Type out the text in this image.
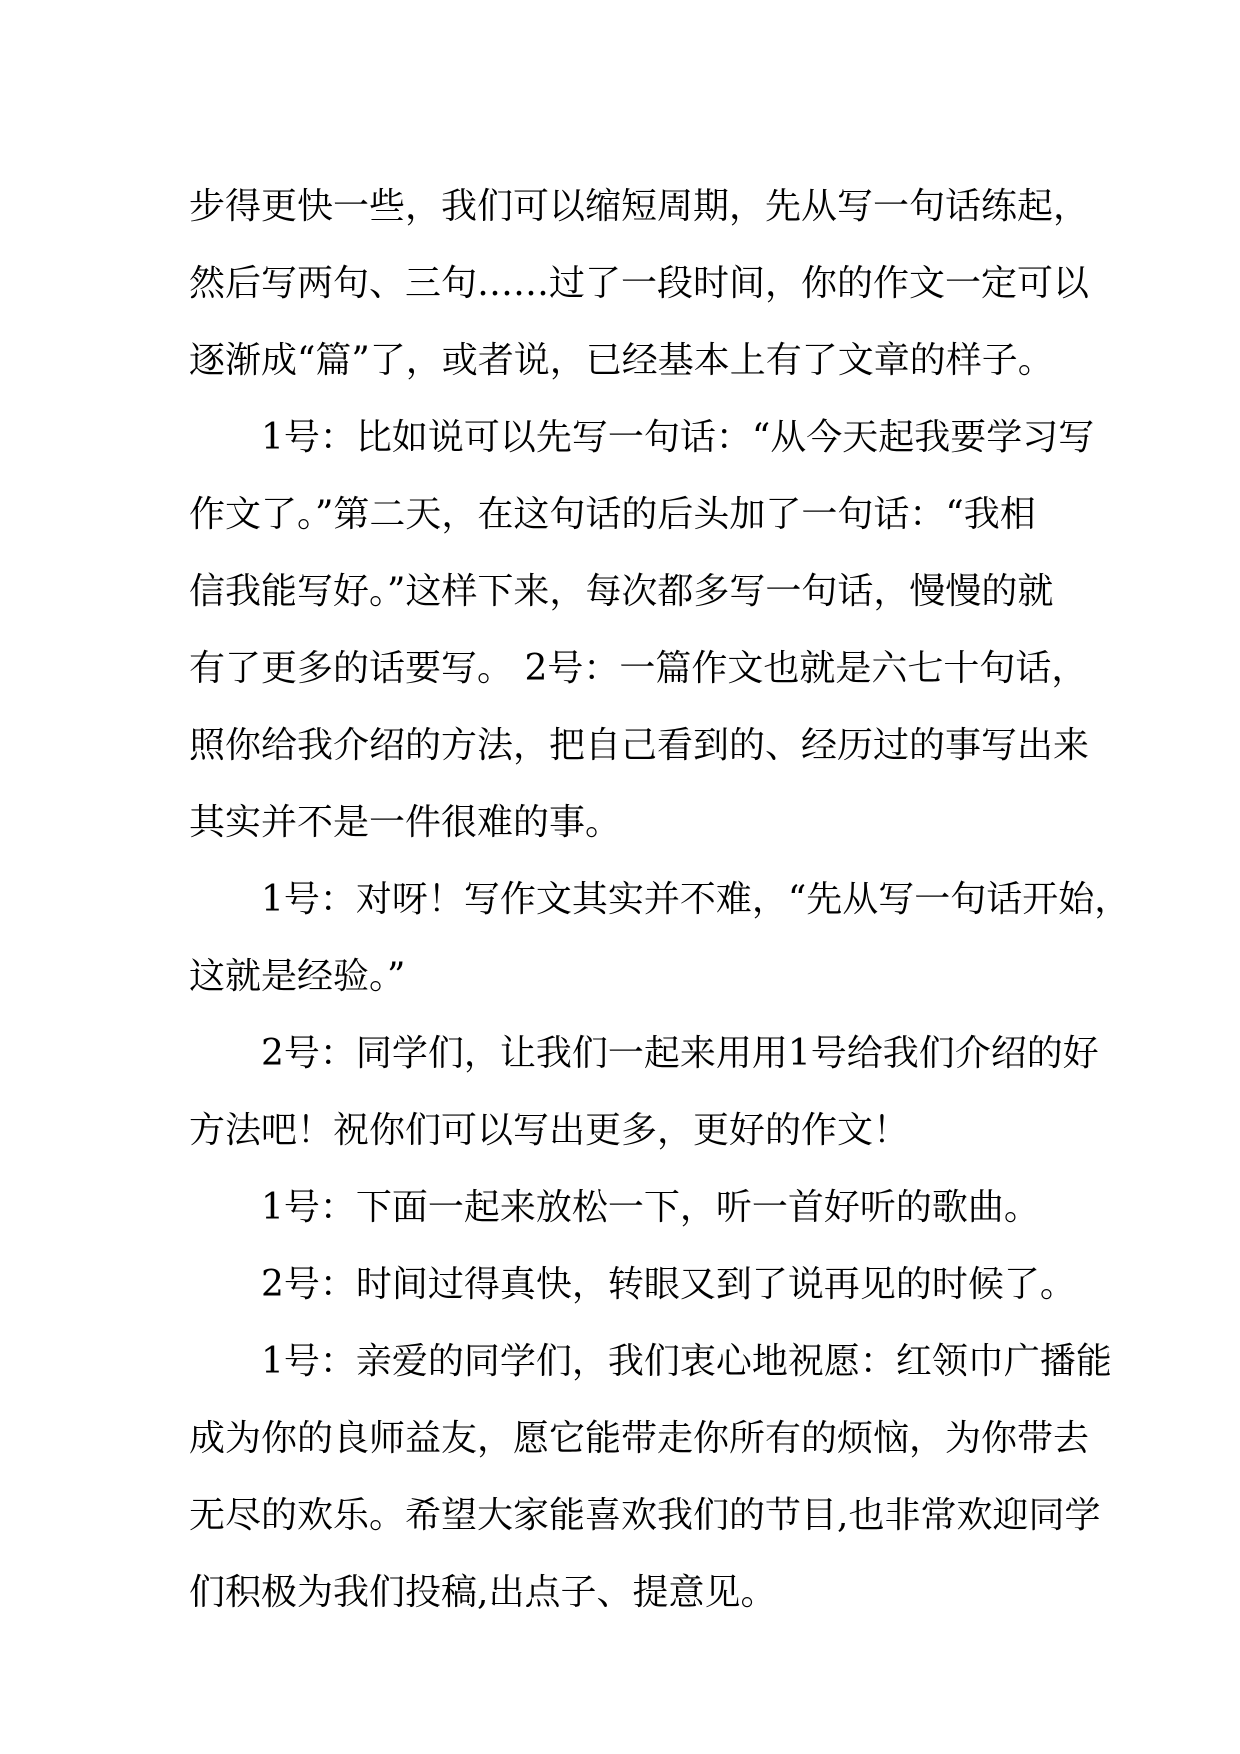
步得更快一些，我们可以缩短周期，先从写一句话练起，
然后写两句、三句……过了一段时间，你的作文一定可以
逐渐成“篇”了，或者说，已经基本上有了文章的样子。

1号：比如说可以先写一句话：“从今天起我要学习写
作文了。”第二天，在这句话的后头加了一句话：“我相
信我能写好。”这样下来，每次都多写一句话，慢慢的就
有了更多的话要写。 2号：一篇作文也就是六七十句话，
照你给我介绍的方法，把自己看到的、经历过的事写出来
其实并不是一件很难的事。

1号：对呀！写作文其实并不难，“先从写一句话开始，
这就是经验。”

2号：同学们，让我们一起来用用1号给我们介绍的好
方法吧！祝你们可以写出更多，更好的作文！

1号：下面一起来放松一下，听一首好听的歌曲。

2号：时间过得真快，转眼又到了说再见的时候了。

1号：亲爱的同学们，我们衷心地祝愿：红领巾广播能
成为你的良师益友，愿它能带走你所有的烦恼，为你带去
无尽的欢乐。希望大家能喜欢我们的节目,也非常欢迎同学
们积极为我们投稿,出点子、提意见。
